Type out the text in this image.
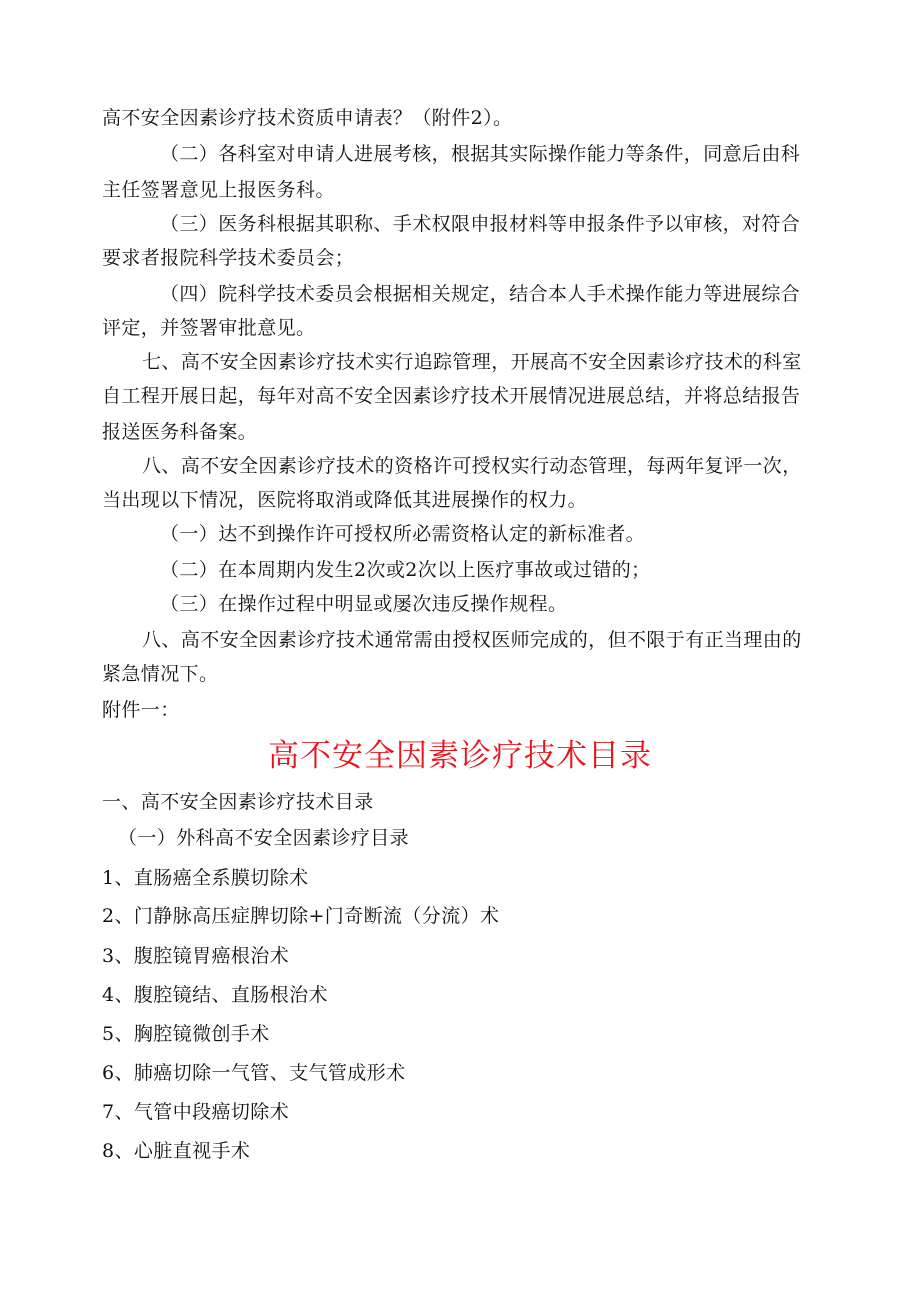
高不安全因素诊疗技术资质申请表？（附件2）。
（二）各科室对申请人进展考核，根据其实际操作能力等条件，同意后由科
主任签署意见上报医务科。
（三）医务科根据其职称、手术权限申报材料等申报条件予以审核，对符合
要求者报院科学技术委员会；
（四）院科学技术委员会根据相关规定，结合本人手术操作能力等进展综合
评定，并签署审批意见。
七、高不安全因素诊疗技术实行追踪管理，开展高不安全因素诊疗技术的科室
自工程开展日起，每年对高不安全因素诊疗技术开展情况进展总结，并将总结报告
报送医务科备案。
八、高不安全因素诊疗技术的资格许可授权实行动态管理，每两年复评一次，
当出现以下情况，医院将取消或降低其进展操作的权力。
（一）达不到操作许可授权所必需资格认定的新标准者。
（二）在本周期内发生2次或2次以上医疗事故或过错的；
（三）在操作过程中明显或屡次违反操作规程。
八、高不安全因素诊疗技术通常需由授权医师完成的，但不限于有正当理由的
紧急情况下。
附件一：
高不安全因素诊疗技术目录
一、高不安全因素诊疗技术目录
（一）外科高不安全因素诊疗目录
1、直肠癌全系膜切除术
2、门静脉高压症脾切除+门奇断流（分流）术
3、腹腔镜胃癌根治术
4、腹腔镜结、直肠根治术
5、胸腔镜微创手术
6、肺癌切除一气管、支气管成形术
7、气管中段癌切除术
8、心脏直视手术
